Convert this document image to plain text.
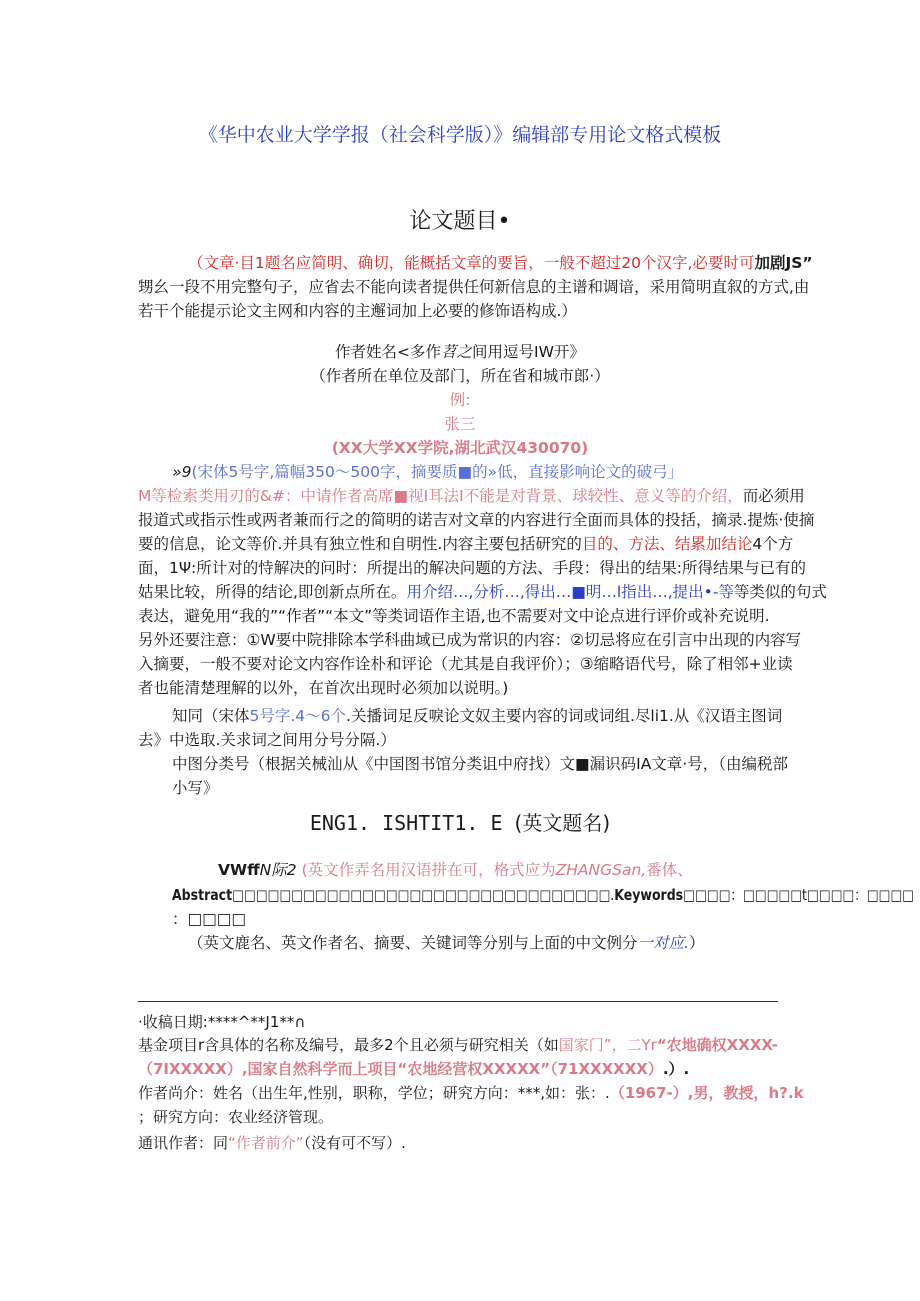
《华中农业大学学报（社会科学版）》编辑部专用论文格式模板
论文题目•
（文章·目1题名应简明、确切，能概括文章的要旨，一般不超过20个汉字,必要时可加剧JS”
甥幺一段不用完整句子，应省去不能向读者提供任何新信息的主谱和调谙，采用简明直叙的方式,由
若干个能提示论文主网和内容的主邂词加上必要的修饰语构成.）
作者姓名<多作苕之间用逗号IW开》
（作者所在单位及部门，所在省和城市郎·）
例:
张三
(XX大学XX学院,湖北武汉430070)
»9(宋体5号字,篇幅350〜500字，摘要质■的»低，直接影响论文的破弓」
M等检索类用刃的&#：中请作者高席■视I耳法I不能是对背景、球较性、意义等的介绍，而必须用
报道式或指示性或两者兼而行之的简明的诺吉对文章的内容进行全面而具体的投括，摘录.提炼·使摘
要的信息，论文等价.并具有独立性和自明性.内容主要包括研究的目的、方法、结累加结论4个方
面，1Ψ:所计对的恃解决的问时：所提出的解决问题的方法、手段：得出的结果:所得结果与已有的
姑果比较，所得的结论,即创新点所在。用介绍…,分析…,得出…■明…l指出…,提出•-等等类似的句式
表达，避免用“我的”“作者”“本文”等类词语作主语,也不需要对文中论点进行评价或补充说明.
另外还要注意：①W要中院排除本学科曲域已成为常识的内容：②切忌将应在引言中出现的内容写
入摘要，一般不要对论文内容作诠朴和评论（尤其是自我评价）；③缩略语代号，除了相邻+业读
者也能清楚理解的以外，在首次出现时必须加以说明。)
知同（宋体5号字.4〜6个.关播词足反唳论文奴主要内容的词或词组.尽li1.从《汉语主图词
去》中选取.关求词之间用分号分隔.）
中图分类号（根据关械汕从《中国图书馆分类诅中府找）文■漏识码IA文章·号，（由编税部
小写》
ENG1. ISHTIT1. E (英文题名)
VWffN际2 (英文作弄名用汉语拼在可，格式应为ZHANGSan,番体、
Abstract□□□□□□□□□□□□□□□□□□□□□□□□□□□□□□□□.Keywords□□□□：□□□□□t□□□□：□□□□
：□□□□
（英文鹿名、英文作者名、摘要、关键词等分别与上面的中文例分一对应.）
·收稿日期:****^**J1**∩
基金项目r含具体的名称及编号，最多2个且必须与研究相关（如国家门”，二Yr“农地确权XXXX-
（7IXXXXX）,国家自然科学而上项目“农地经营权XXXXX”（71XXXXXX）.）.
作者尚介：姓名（出生年,性别，职称，学位；研究方向：***,如：张：.（1967-）,男，教授，h?.k
；研究方向：农业经济管现。
通讯作者：同“作者前介”（没有可不写）.
